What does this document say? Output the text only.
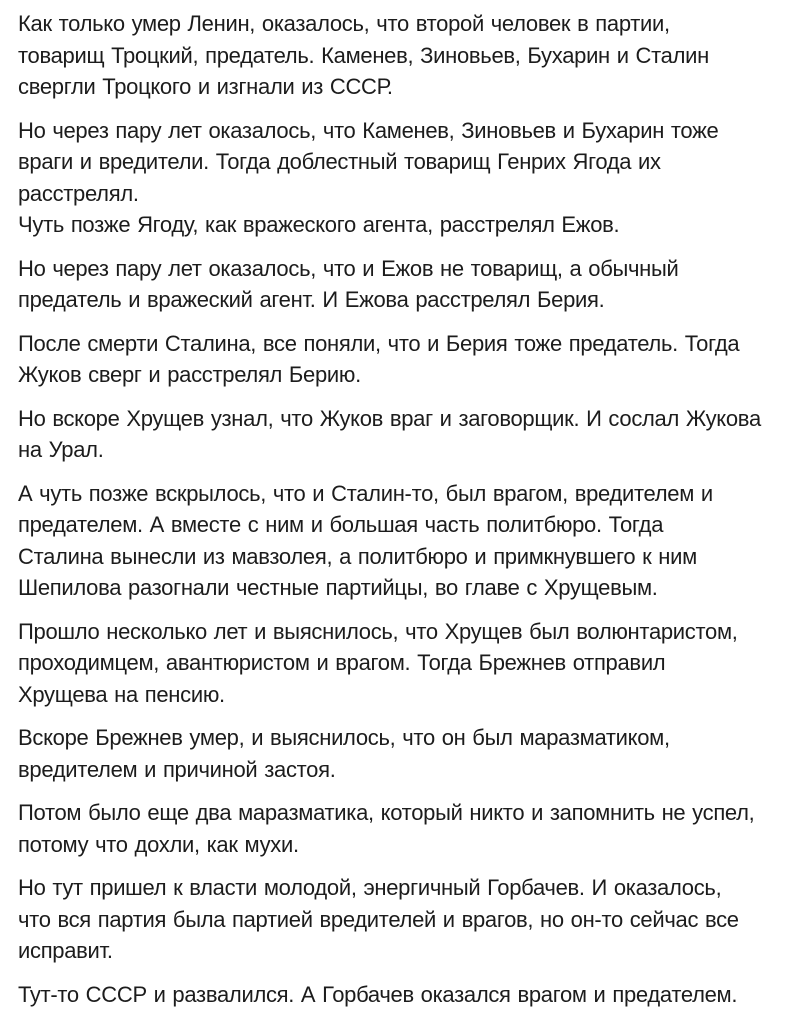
Как только умер Ленин, оказалось, что второй человек в партии,
товарищ Троцкий, предатель. Каменев, Зиновьев, Бухарин и Сталин
свергли Троцкого и изгнали из СССР.

Но через пару лет оказалось, что Каменев, Зиновьев и Бухарин тоже
враги и вредители. Тогда доблестный товарищ Генрих Ягода их
расстрелял.
Чуть позже Ягоду, как вражеского агента, расстрелял Ежов.

Но через пару лет оказалось, что и Ежов не товарищ, а обычный
предатель и вражеский агент. И Ежова расстрелял Берия.

После смерти Сталина, все поняли, что и Берия тоже предатель. Тогда
Жуков сверг и расстрелял Берию.

Но вскоре Хрущев узнал, что Жуков враг и заговорщик. И сослал Жукова
на Урал.

А чуть позже вскрылось, что и Сталин-то, был врагом, вредителем и
предателем. А вместе с ним и большая часть политбюро. Тогда
Сталина вынесли из мавзолея, а политбюро и примкнувшего к ним
Шепилова разогнали честные партийцы, во главе с Хрущевым.

Прошло несколько лет и выяснилось, что Хрущев был волюнтаристом,
проходимцем, авантюристом и врагом. Тогда Брежнев отправил
Хрущева на пенсию.

Вскоре Брежнев умер, и выяснилось, что он был маразматиком,
вредителем и причиной застоя.

Потом было еще два маразматика, который никто и запомнить не успел,
потому что дохли, как мухи.

Но тут пришел к власти молодой, энергичный Горбачев. И оказалось,
что вся партия была партией вредителей и врагов, но он-то сейчас все
исправит.

Тут-то СССР и развалился. А Горбачев оказался врагом и предателем.
